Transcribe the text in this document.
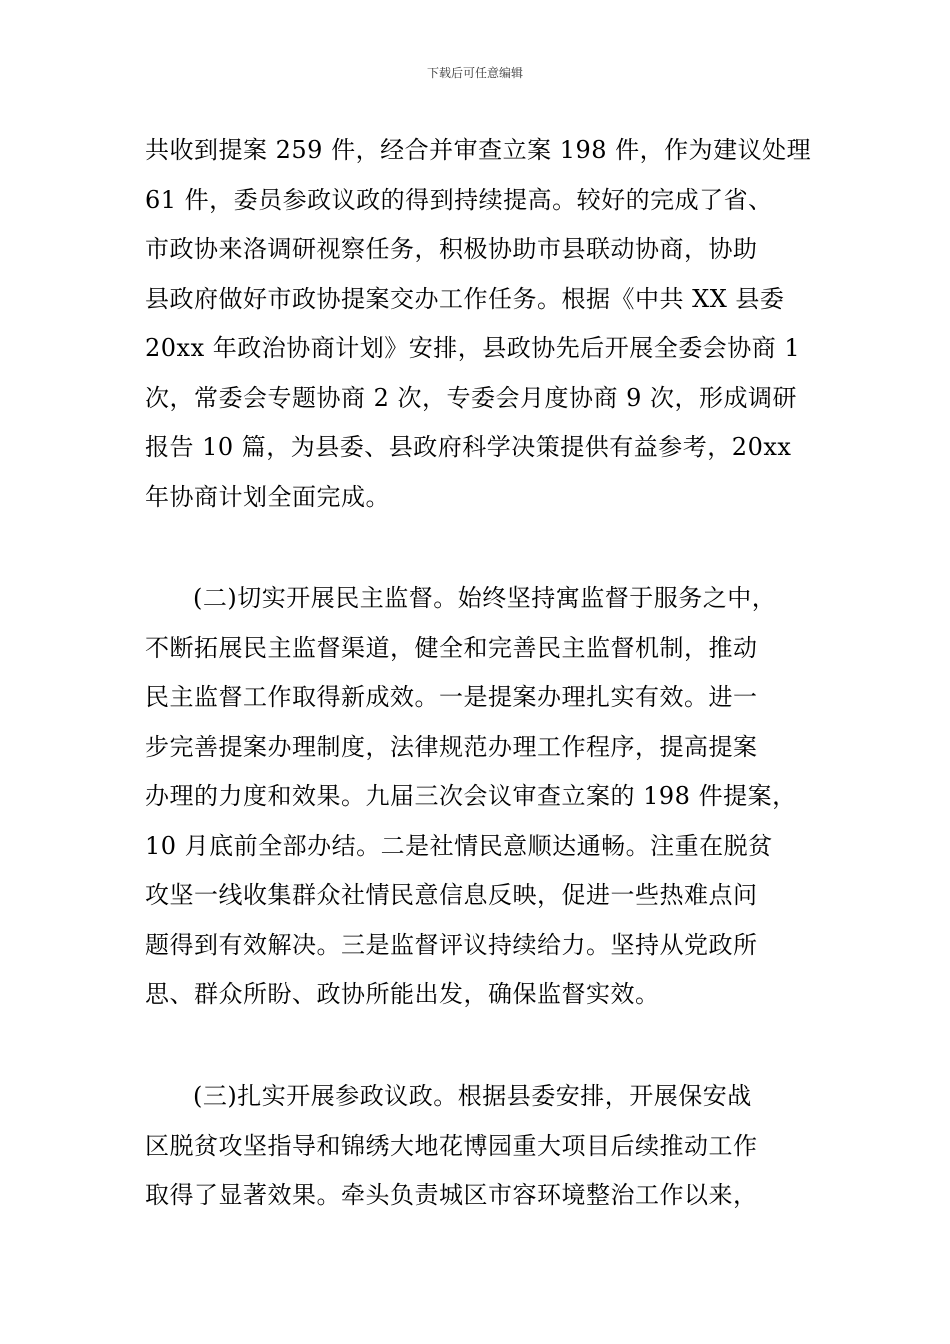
下载后可任意编辑
共收到提案 259 件，经合并审查立案 198 件，作为建议处理
61 件，委员参政议政的得到持续提高。较好的完成了省、
市政协来洛调研视察任务，积极协助市县联动协商，协助
县政府做好市政协提案交办工作任务。根据《中共 XX 县委
20xx 年政治协商计划》安排，县政协先后开展全委会协商 1
次，常委会专题协商 2 次，专委会月度协商 9 次，形成调研
报告 10 篇，为县委、县政府科学决策提供有益参考，20xx
年协商计划全面完成。
(二)切实开展民主监督。始终坚持寓监督于服务之中，
不断拓展民主监督渠道，健全和完善民主监督机制，推动
民主监督工作取得新成效。一是提案办理扎实有效。进一
步完善提案办理制度，法律规范办理工作程序，提高提案
办理的力度和效果。九届三次会议审查立案的 198 件提案，
10 月底前全部办结。二是社情民意顺达通畅。注重在脱贫
攻坚一线收集群众社情民意信息反映，促进一些热难点问
题得到有效解决。三是监督评议持续给力。坚持从党政所
思、群众所盼、政协所能出发，确保监督实效。
(三)扎实开展参政议政。根据县委安排，开展保安战
区脱贫攻坚指导和锦绣大地花博园重大项目后续推动工作
取得了显著效果。牵头负责城区市容环境整治工作以来，
